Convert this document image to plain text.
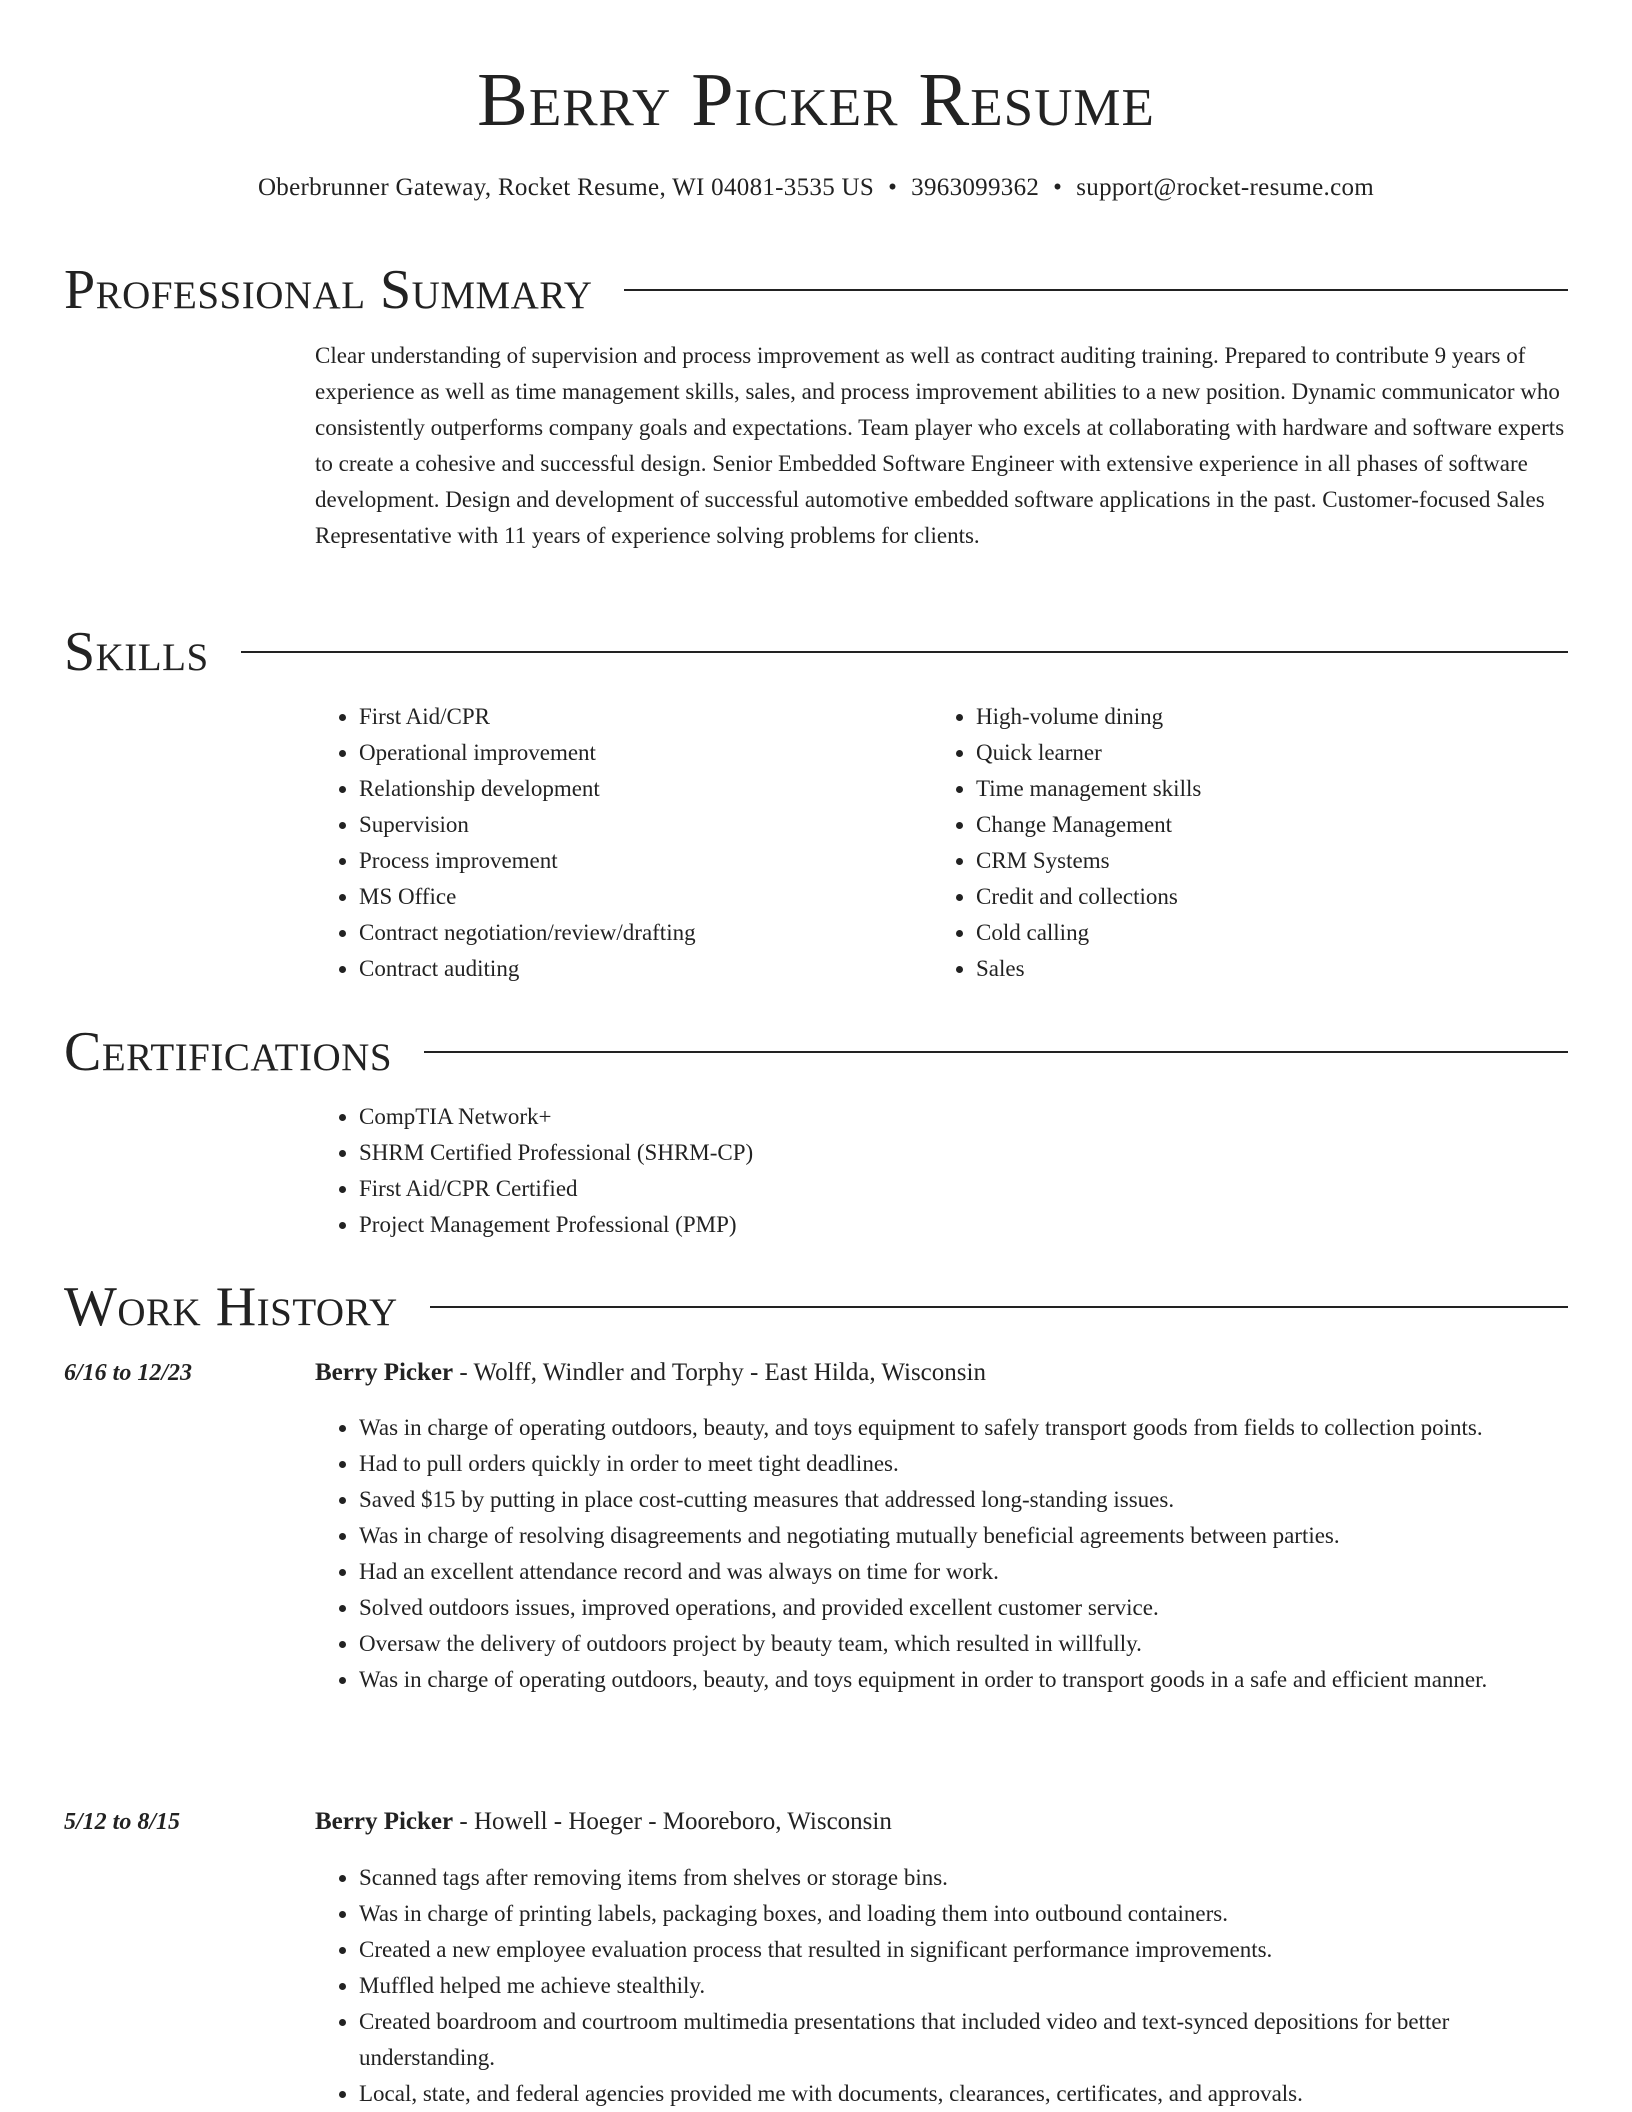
Berry Picker Resume
Oberbrunner Gateway, Rocket Resume, WI 04081-3535 US • 3963099362 • support@rocket-resume.com
Professional Summary

Clear understanding of supervision and process improvement as well as contract auditing training. Prepared to contribute 9 years of experience as well as time management skills, sales, and process improvement abilities to a new position. Dynamic communicator who consistently outperforms company goals and expectations. Team player who excels at collaborating with hardware and software experts to create a cohesive and successful design. Senior Embedded Software Engineer with extensive experience in all phases of software development. Design and development of successful automotive embedded software applications in the past. Customer-focused Sales Representative with 11 years of experience solving problems for clients.

Skills
• First Aid/CPR
• Operational improvement
• Relationship development
• Supervision
• Process improvement
• MS Office
• Contract negotiation/review/drafting
• Contract auditing
• High-volume dining
• Quick learner
• Time management skills
• Change Management
• CRM Systems
• Credit and collections
• Cold calling
• Sales
Certifications
• CompTIA Network+
• SHRM Certified Professional (SHRM-CP)
• First Aid/CPR Certified
• Project Management Professional (PMP)
Work History
6/16 to 12/23	Berry Picker - Wolff, Windler and Torphy - East Hilda, Wisconsin
• Was in charge of operating outdoors, beauty, and toys equipment to safely transport goods from fields to collection points.
• Had to pull orders quickly in order to meet tight deadlines.
• Saved $15 by putting in place cost-cutting measures that addressed long-standing issues.
• Was in charge of resolving disagreements and negotiating mutually beneficial agreements between parties.
• Had an excellent attendance record and was always on time for work.
• Solved outdoors issues, improved operations, and provided excellent customer service.
• Oversaw the delivery of outdoors project by beauty team, which resulted in willfully.
• Was in charge of operating outdoors, beauty, and toys equipment in order to transport goods in a safe and efficient manner.
5/12 to 8/15	Berry Picker - Howell - Hoeger - Mooreboro, Wisconsin
• Scanned tags after removing items from shelves or storage bins.
• Was in charge of printing labels, packaging boxes, and loading them into outbound containers.
• Created a new employee evaluation process that resulted in significant performance improvements.
• Muffled helped me achieve stealthily.
• Created boardroom and courtroom multimedia presentations that included video and text-synced depositions for better understanding.
• Local, state, and federal agencies provided me with documents, clearances, certificates, and approvals.
